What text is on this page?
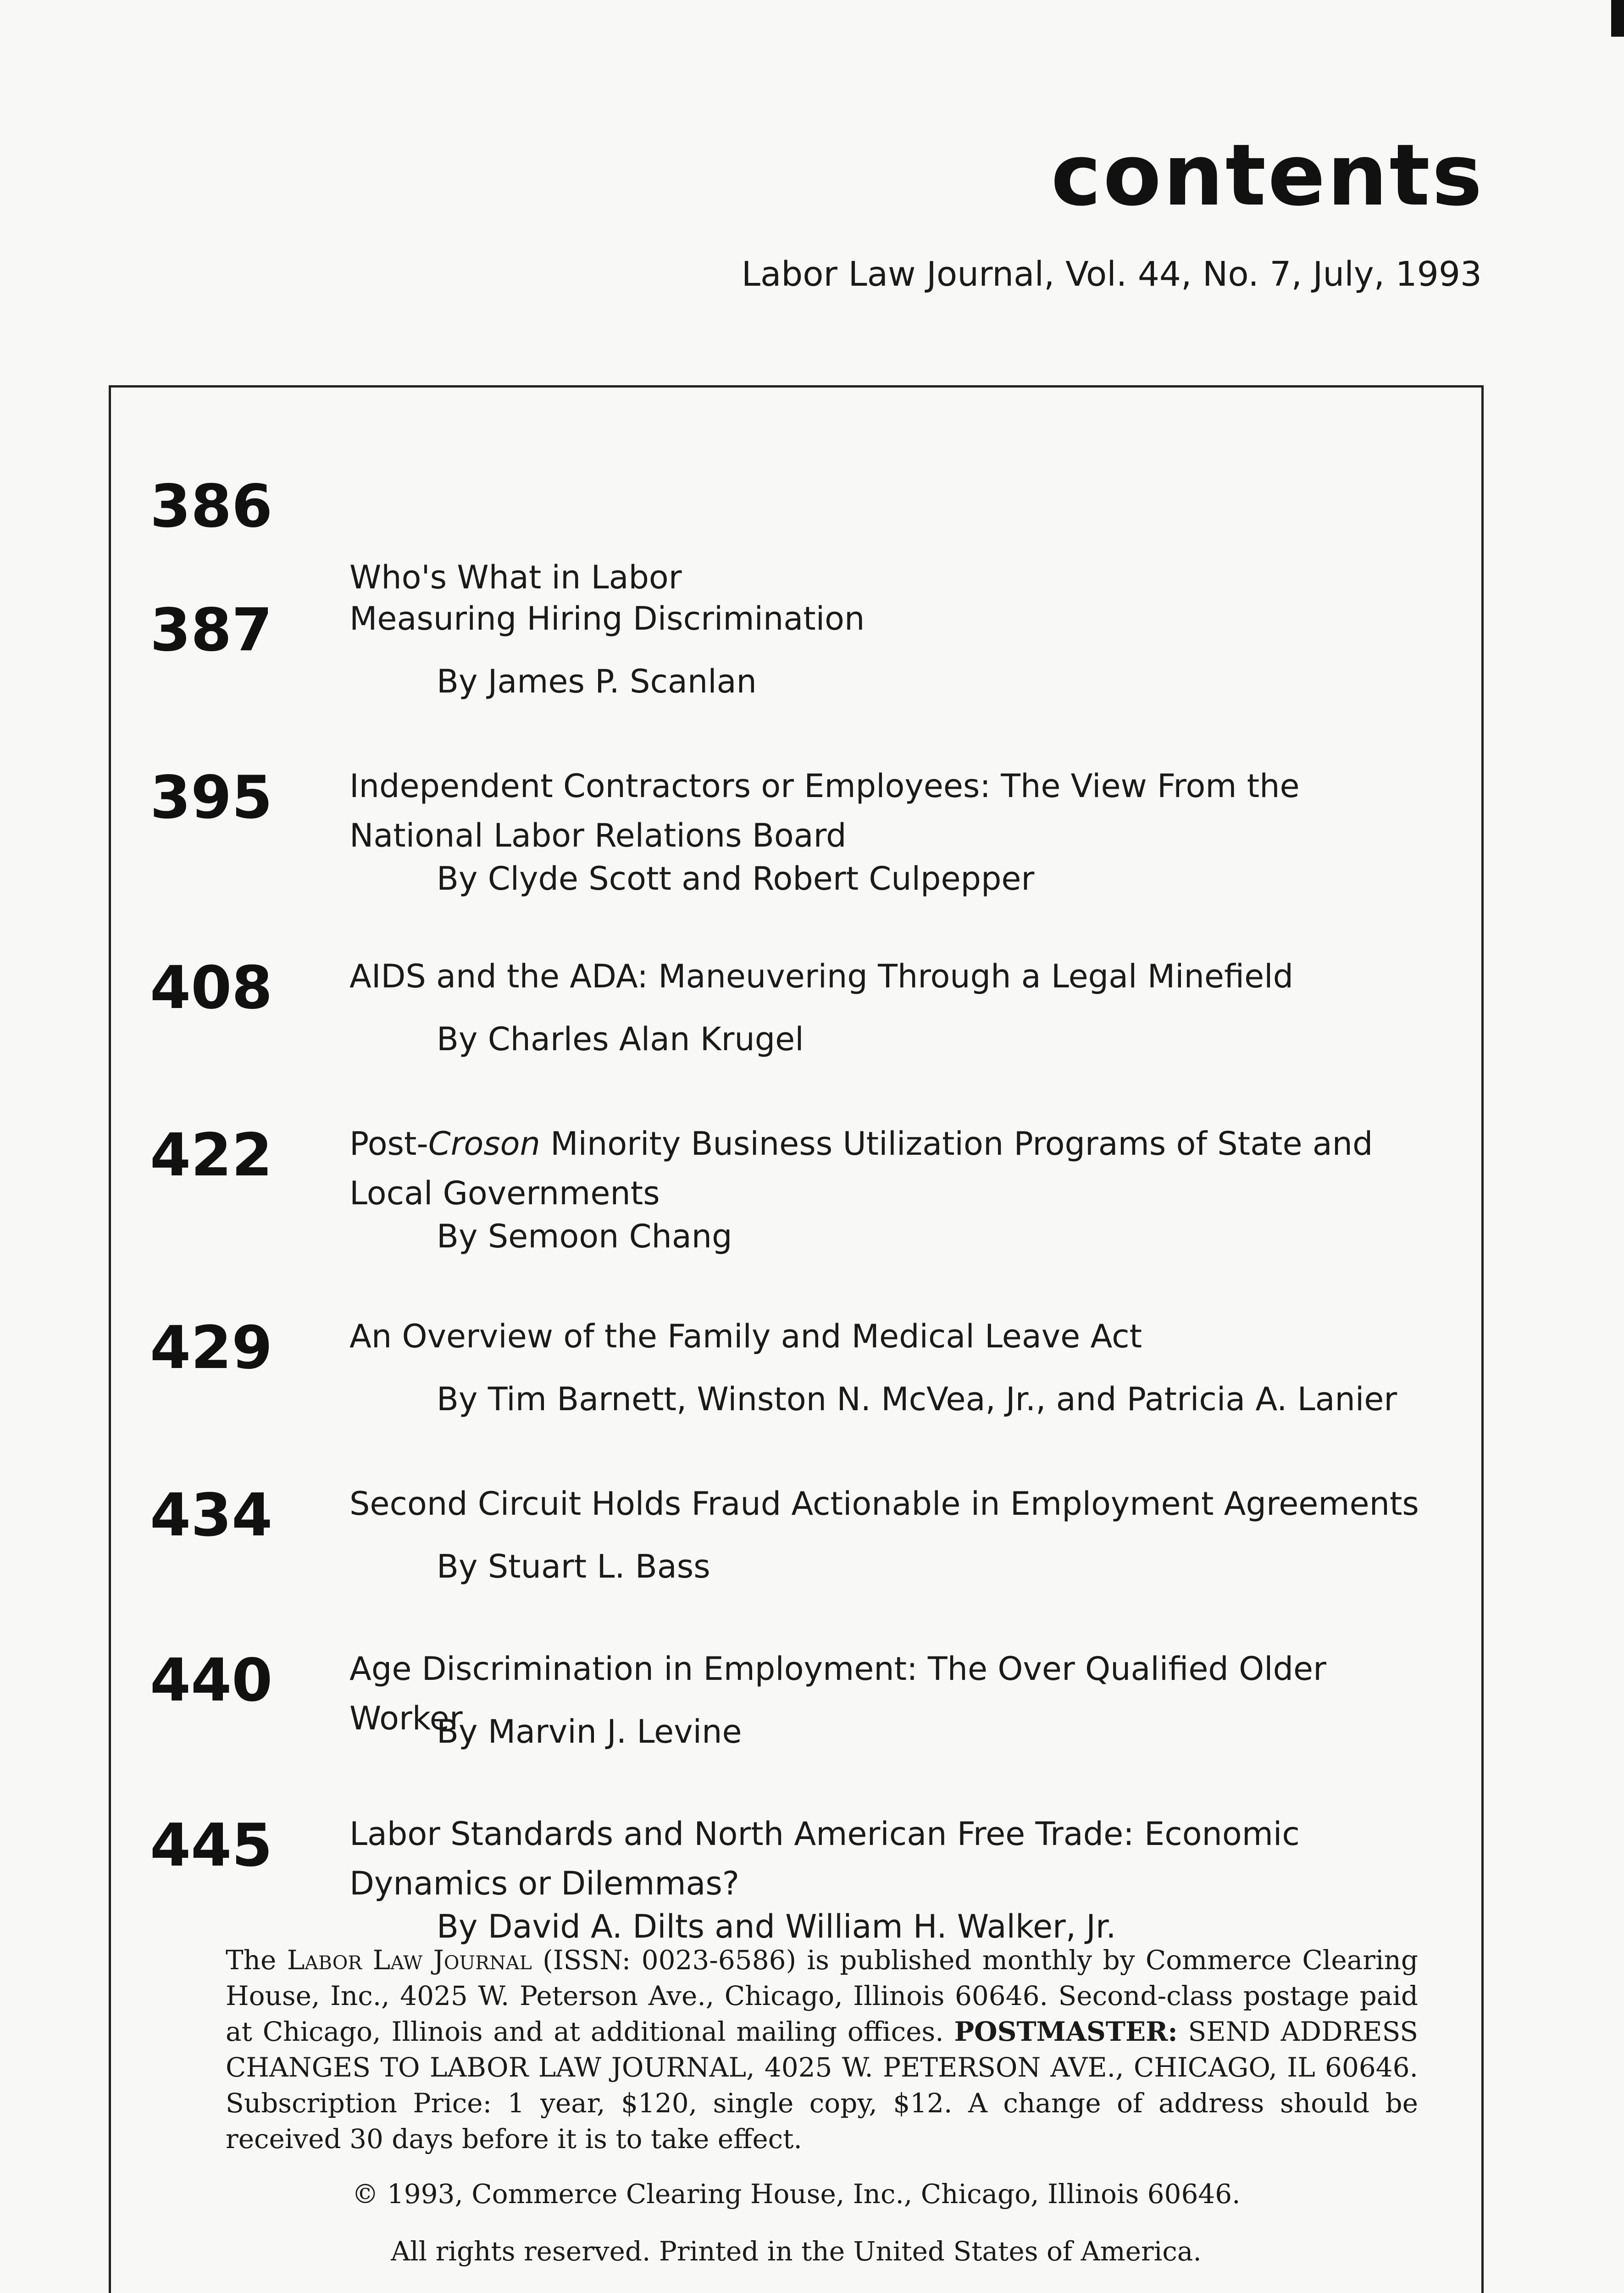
contents
Labor Law Journal, Vol. 44, No. 7, July, 1993
386
Who's What in Labor
387 Measuring Hiring Discrimination
By James P. Scanlan
395 Independent Contractors or Employees: The View From the National Labor Relations Board
By Clyde Scott and Robert Culpepper
408 AIDS and the ADA: Maneuvering Through a Legal Minefield
By Charles Alan Krugel
422 Post-Croson Minority Business Utilization Programs of State and Local Governments
By Semoon Chang
429 An Overview of the Family and Medical Leave Act
By Tim Barnett, Winston N. McVea, Jr., and Patricia A. Lanier
434 Second Circuit Holds Fraud Actionable in Employment Agreements
By Stuart L. Bass
440 Age Discrimination in Employment: The Over Qualified Older Worker
By Marvin J. Levine
445 Labor Standards and North American Free Trade: Economic Dynamics or Dilemmas?
By David A. Dilts and William H. Walker, Jr.
The Labor Law Journal (ISSN: 0023-6586) is published monthly by Commerce Clearing House, Inc., 4025 W. Peterson Ave., Chicago, Illinois 60646. Second-class postage paid at Chicago, Illinois and at additional mailing offices. POSTMASTER: SEND ADDRESS CHANGES TO LABOR LAW JOURNAL, 4025 W. PETERSON AVE., CHICAGO, IL 60646. Subscription Price: 1 year, $120, single copy, $12. A change of address should be received 30 days before it is to take effect.
© 1993, Commerce Clearing House, Inc., Chicago, Illinois 60646.
All rights reserved. Printed in the United States of America.
